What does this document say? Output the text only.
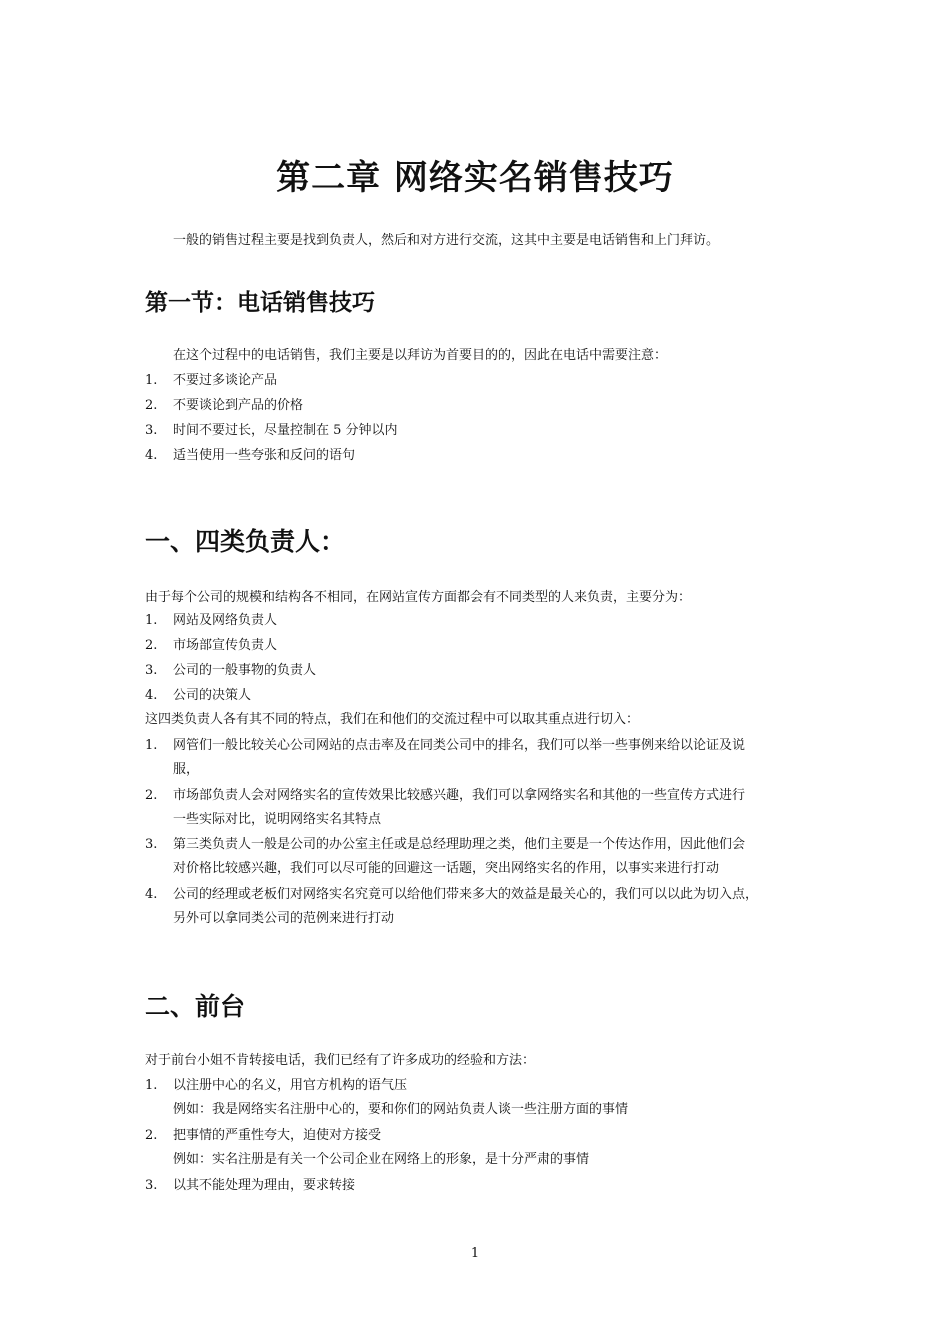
第二章 网络实名销售技巧
一般的销售过程主要是找到负责人，然后和对方进行交流，这其中主要是电话销售和上门拜访。
第一节：电话销售技巧
在这个过程中的电话销售，我们主要是以拜访为首要目的的，因此在电话中需要注意：
1.	不要过多谈论产品
2.	不要谈论到产品的价格
3.	时间不要过长，尽量控制在 5 分钟以内
4.	适当使用一些夸张和反问的语句
一、四类负责人：
由于每个公司的规模和结构各不相同，在网站宣传方面都会有不同类型的人来负责，主要分为：
1.	网站及网络负责人
2.	市场部宣传负责人
3.	公司的一般事物的负责人
4.	公司的决策人
这四类负责人各有其不同的特点，我们在和他们的交流过程中可以取其重点进行切入：
1.	网管们一般比较关心公司网站的点击率及在同类公司中的排名，我们可以举一些事例来给以论证及说
服，
2.	市场部负责人会对网络实名的宣传效果比较感兴趣，我们可以拿网络实名和其他的一些宣传方式进行
一些实际对比，说明网络实名其特点
3.	第三类负责人一般是公司的办公室主任或是总经理助理之类，他们主要是一个传达作用，因此他们会
对价格比较感兴趣，我们可以尽可能的回避这一话题，突出网络实名的作用，以事实来进行打动
4.	公司的经理或老板们对网络实名究竟可以给他们带来多大的效益是最关心的，我们可以以此为切入点，
另外可以拿同类公司的范例来进行打动
二、前台
对于前台小姐不肯转接电话，我们已经有了许多成功的经验和方法：
1.	以注册中心的名义，用官方机构的语气压
例如：我是网络实名注册中心的，要和你们的网站负责人谈一些注册方面的事情
2.	把事情的严重性夸大，迫使对方接受
例如：实名注册是有关一个公司企业在网络上的形象，是十分严肃的事情
3.	以其不能处理为理由，要求转接
1
